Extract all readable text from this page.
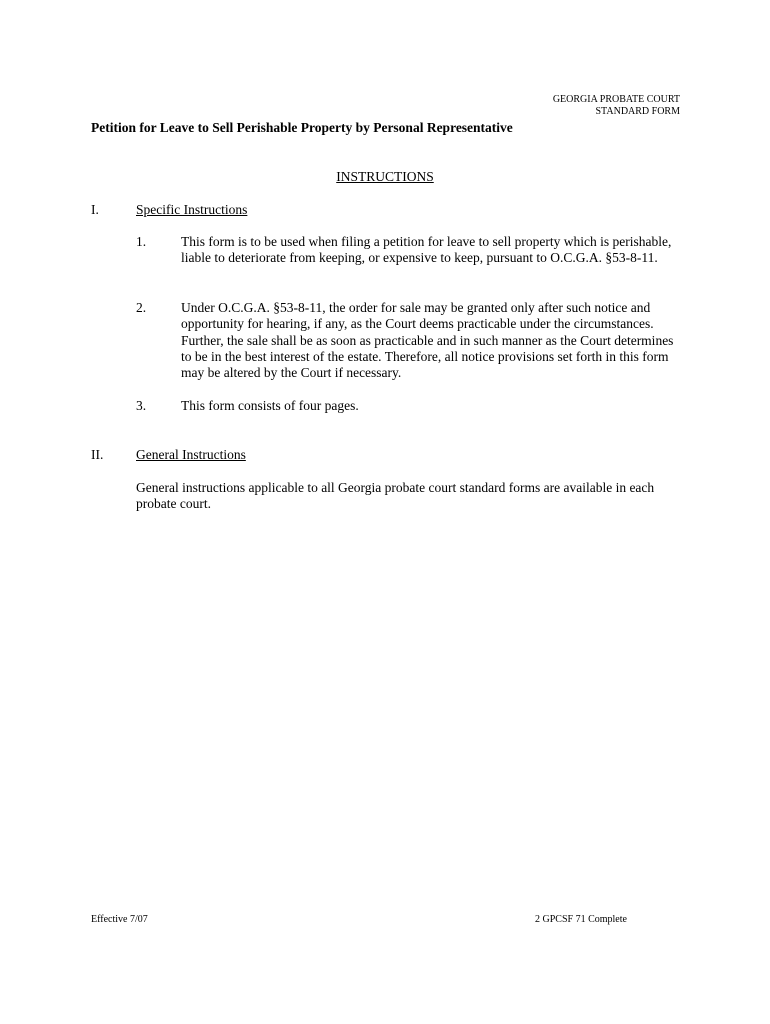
GEORGIA PROBATE COURT
STANDARD FORM
Petition for Leave to Sell Perishable Property by Personal Representative
INSTRUCTIONS
I.	Specific Instructions
1.	This form is to be used when filing a petition for leave to sell property which is perishable, liable to deteriorate from keeping, or expensive to keep, pursuant to O.C.G.A. §53-8-11.
2.	Under O.C.G.A. §53-8-11, the order for sale may be granted only after such notice and opportunity for hearing, if any, as the Court deems practicable under the circumstances. Further, the sale shall be as soon as practicable and in such manner as the Court determines to be in the best interest of the estate. Therefore, all notice provisions set forth in this form may be altered by the Court if necessary.
3.	This form consists of four pages.
II. General Instructions
General instructions applicable to all Georgia probate court standard forms are available in each probate court.
Effective 7/07	2 GPCSF 71 Complete
